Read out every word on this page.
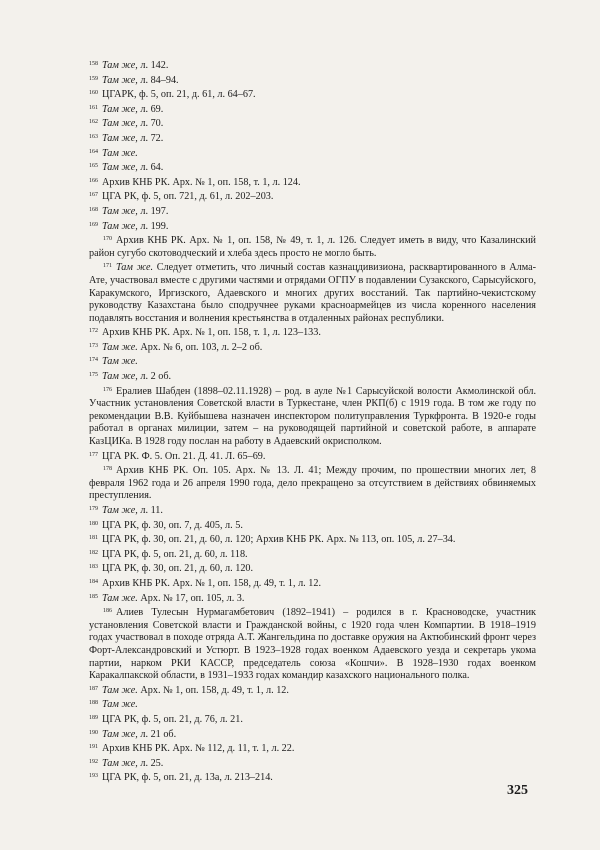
$^{158}$ Там же, л. 142.

$^{159}$ Там же, л. 84–94.

$^{160}$ ЦГАРК, ф. 5, оп. 21, д. 61, л. 64–67.

$^{161}$ Там же, л. 69.

$^{162}$ Там же, л. 70.

$^{163}$ Там же, л. 72.

$^{164}$ Там же.

$^{165}$ Там же, л. 64.

$^{166}$ Архив КНБ РК. Арх. № 1, оп. 158, т. 1, л. 124.

$^{167}$ ЦГА РК, ф. 5, оп. 721, д. 61, л. 202–203.

$^{168}$ Там же, л. 197.

$^{169}$ Там же, л. 199.

$^{170}$ Архив КНБ РК. Арх. № 1, оп. 158, № 49, т. 1, л. 126. Следует иметь в виду, что Казалинский район сугубо скотоводческий и хлеба здесь просто не могло быть.

$^{171}$ Там же. Следует отметить, что личный состав казнацдивизиона, расквартированного в Алма-Ате, участвовал вместе с другими частями и отрядами ОГПУ в подавлении Сузакского, Сарысуйского, Каракумского, Иргизского, Адаевского и многих других восстаний. Так партийно-чекистскому руководству Казахстана было сподручнее руками красноармейцев из числа коренного населения подавлять восстания и волнения крестьянства в отдаленных районах республики.

$^{172}$ Архив КНБ РК. Арх. № 1, оп. 158, т. 1, л. 123–133.

$^{173}$ Там же. Арх. № 6, оп. 103, л. 2–2 об.

$^{174}$ Там же.

$^{175}$ Там же, л. 2 об.

$^{176}$ Ералиев Шабден (1898–02.11.1928) – род. в ауле №1 Сарысуйской волости Акмолинской обл. Участник установления Советской власти в Туркестане, член РКП(б) с 1919 года. В том же году по рекомендации В.В. Куйбышева назначен инспектором политуправления Туркфронта. В 1920-е годы работал в органах милиции, затем – на руководящей партийной и советской работе, в аппарате КазЦИКа. В 1928 году послан на работу в Адаевский окрисполком.

$^{177}$ ЦГА РК. Ф. 5. Оп. 21. Д. 41. Л. 65–69.

$^{178}$ Архив КНБ РК. Оп. 105. Арх. № 13. Л. 41; Между прочим, по прошествии многих лет, 8 февраля 1962 года и 26 апреля 1990 года, дело прекращено за отсутствием в действиях обвиняемых преступления.

$^{179}$ Там же, л. 11.

$^{180}$ ЦГА РК, ф. 30, оп. 7, д. 405, л. 5.

$^{181}$ ЦГА РК, ф. 30, оп. 21, д. 60, л. 120; Архив КНБ РК. Арх. № 113, оп. 105, л. 27–34.

$^{182}$ ЦГА РК, ф. 5, оп. 21, д. 60, л. 118.

$^{183}$ ЦГА РК, ф. 30, оп. 21, д. 60, л. 120.

$^{184}$ Архив КНБ РК. Арх. № 1, оп. 158, д. 49, т. 1, л. 12.

$^{185}$ Там же. Арх. № 17, оп. 105, л. 3.

$^{186}$ Алиев Тулесын Нурмагамбетович (1892–1941) – родился в г. Красноводске, участник установления Советской власти и Гражданской войны, с 1920 года член Компартии. В 1918–1919 годах участвовал в походе отряда А.Т. Жангельдина по доставке оружия на Актюбинский фронт через Форт-Александровский и Устюрт. В 1923–1928 годах военком Адаевского уезда и секретарь укома партии, нарком РКИ КАССР, председатель союза «Кошчи». В 1928–1930 годах военком Каракалпакской области, в 1931–1933 годах командир казахского национального полка.

$^{187}$ Там же. Арх. № 1, оп. 158, д. 49, т. 1, л. 12.

$^{188}$ Там же.

$^{189}$ ЦГА РК, ф. 5, оп. 21, д. 76, л. 21.

$^{190}$ Там же, л. 21 об.

$^{191}$ Архив КНБ РК. Арх. № 112, д. 11, т. 1, л. 22.

$^{192}$ Там же, л. 25.

$^{193}$ ЦГА РК, ф. 5, оп. 21, д. 13а, л. 213–214.

325
